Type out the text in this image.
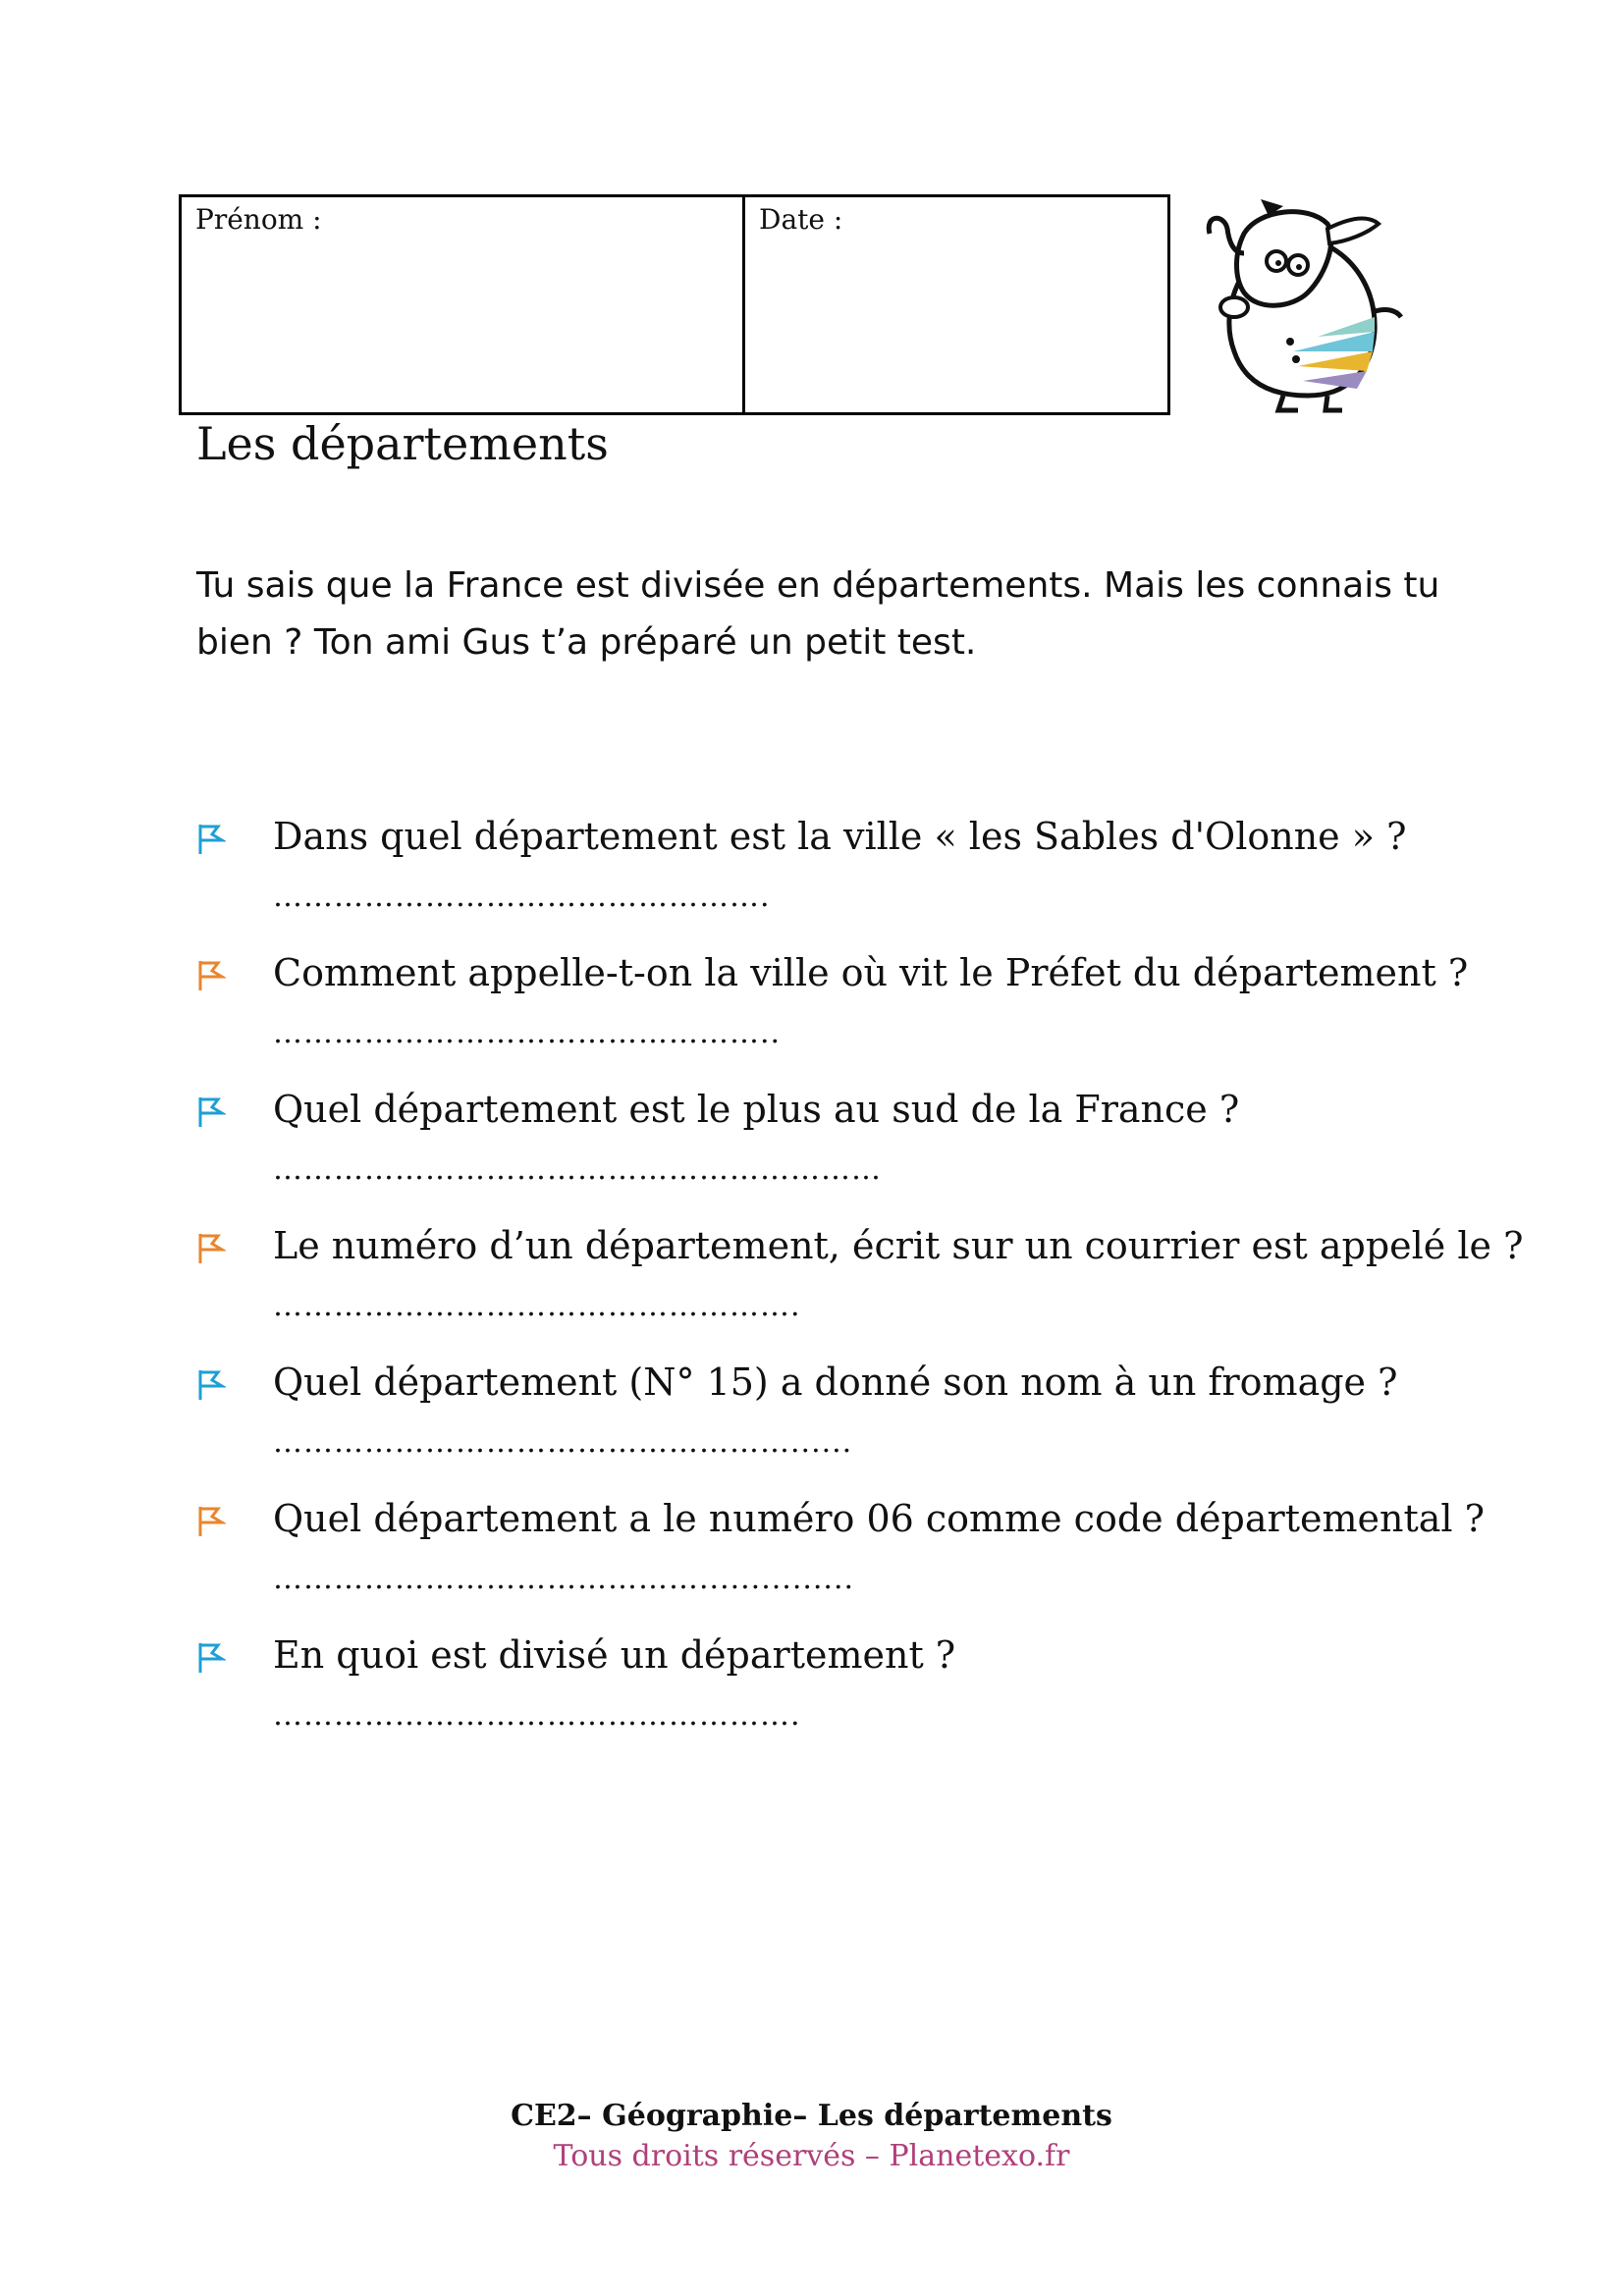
Prénom :	Date :
Les départements

Tu sais que la France est divisée en départements. Mais les connais tu bien ? Ton ami Gus t’a préparé un petit test.

Dans quel département est la ville « les Sables d'Olonne » ?
………………………………………….
Comment appelle-t-on la ville où vit le Préfet du département ?
…………………………………………..
Quel département est le plus au sud de la France ?
……………………………………………………
Le numéro d’un département, écrit sur un courrier est appelé le ?
…………………………………………….
Quel département (N° 15) a donné son nom à un fromage ?
……………………………………………......
Quel département a le numéro 06 comme code départemental ?
……………………………………...............
En quoi est divisé un département ?
…………………………………………….
CE2– Géographie– Les départements
Tous droits réservés – Planetexo.fr
